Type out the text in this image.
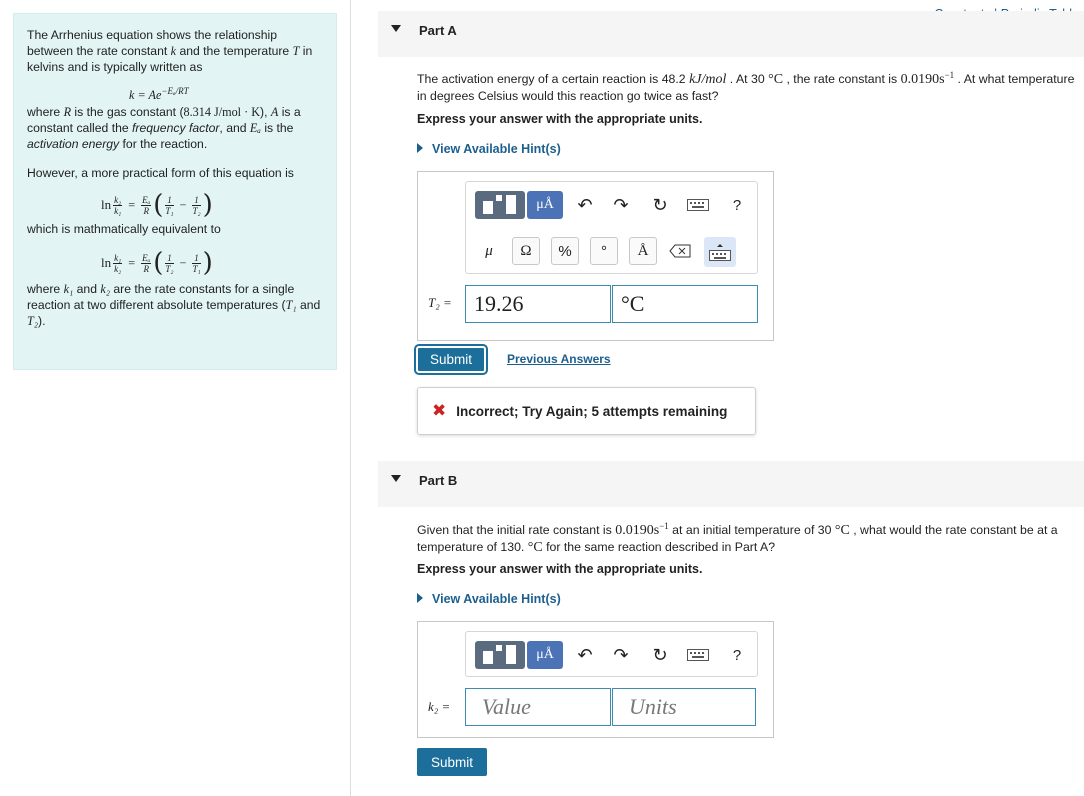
The Arrhenius equation shows the relationship between the rate constant k and the temperature T in kelvins and is typically written as

$k = Ae^{-E_a/RT}$

where R is the gas constant (8.314 J/mol · K), A is a constant called the frequency factor, and Eₐ is the activation energy for the reaction.

However, a more practical form of this equation is

$\ln \frac{\text{k₂}}{\text{k₁}} = \frac{\text{Eₐ}}{R}$ ( $\frac{1}{\text{T₁}} - \frac{1}{\text{T₂}}$ )

which is mathmatically equivalent to

$\ln \frac{\text{k₁}}{\text{k₂}} = \frac{\text{Eₐ}}{R}$ ( $\frac{1}{\text{T₂}} - \frac{1}{\text{T₁}}$ )

where k₁ and k₂ are the rate constants for a single reaction at two different absolute temperatures (T₁ and T₂).

Part A
The activation energy of a certain reaction is 48.2 kJ/mol . At 30 °C , the rate constant is $0.0190s^{-1}$ . At what temperature in degrees Celsius would this reaction go twice as fast?
Express your answer with the appropriate units.
View Available Hint(s)
μÅ	↶ ↷ ↻	?
μ Ω	%	°	Å
T₂ =	19.26	°C
Submit	Previous Answers
✖ Incorrect; Try Again; 5 attempts remaining
Part B
Given that the initial rate constant is $0.0190s^{-1}$ at an initial temperature of 30 °C , what would the rate constant be at a temperature of 130. °C for the same reaction described in Part A?
Express your answer with the appropriate units.
View Available Hint(s)
μÅ	↶ ↷ ↻	?
k₂ =	Value	Units
Submit
